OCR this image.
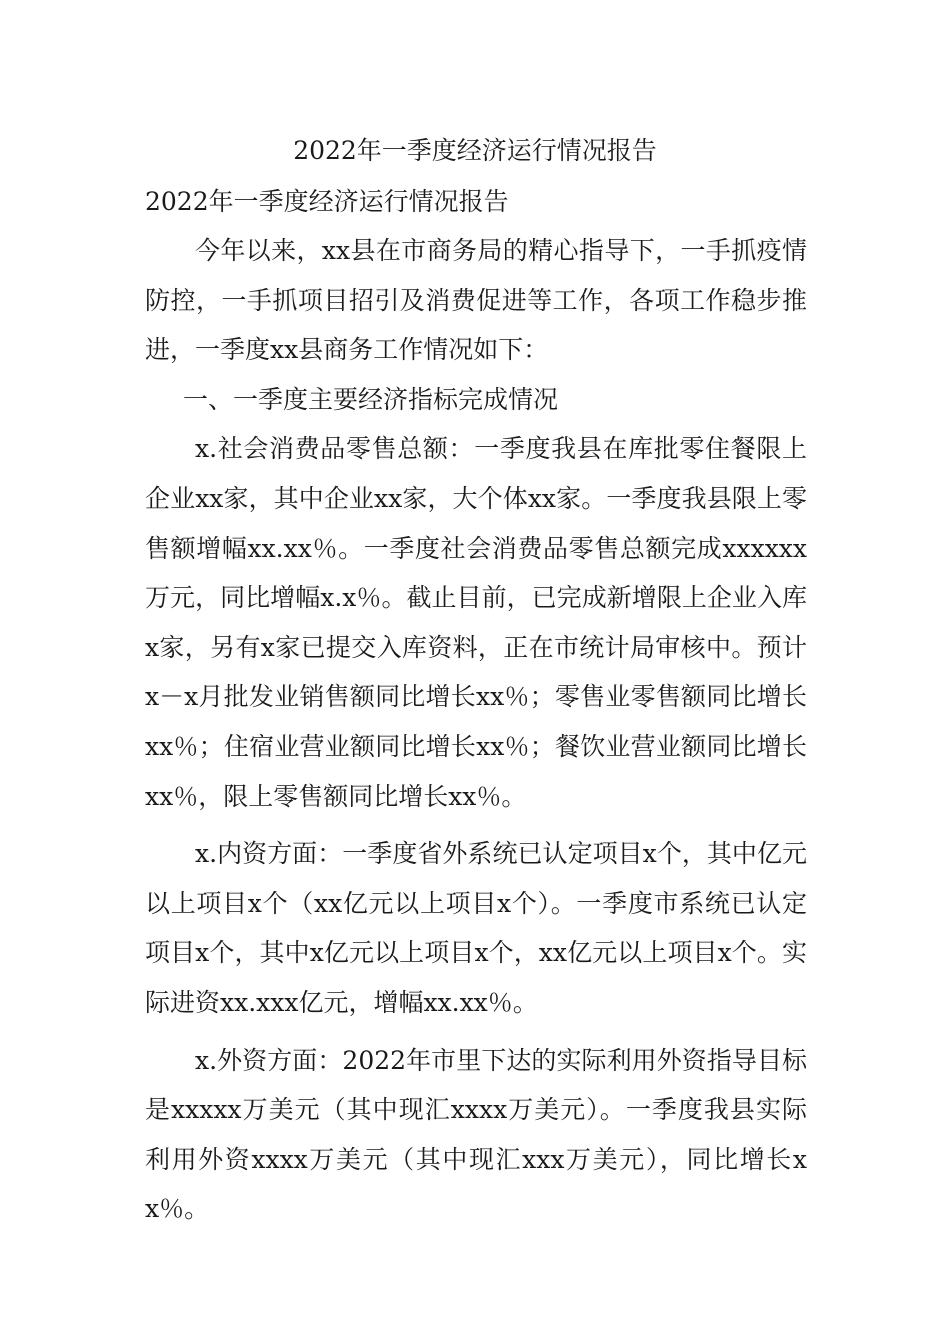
2022年一季度经济运行情况报告
2022年一季度经济运行情况报告

今年以来，xx县在市商务局的精心指导下，一手抓疫情防控，一手抓项目招引及消费促进等工作，各项工作稳步推进，一季度xx县商务工作情况如下：

一、一季度主要经济指标完成情况

x.社会消费品零售总额：一季度我县在库批零住餐限上企业xx家，其中企业xx家，大个体xx家。一季度我县限上零售额增幅xx.xx％。一季度社会消费品零售总额完成xxxxxx万元，同比增幅x.x％。截止目前，已完成新增限上企业入库x家，另有x家已提交入库资料，正在市统计局审核中。预计x－x月批发业销售额同比增长xx％；零售业零售额同比增长xx％；住宿业营业额同比增长xx％；餐饮业营业额同比增长xx％，限上零售额同比增长xx％。

x.内资方面：一季度省外系统已认定项目x个，其中亿元以上项目x个（xx亿元以上项目x个）。一季度市系统已认定项目x个，其中x亿元以上项目x个，xx亿元以上项目x个。实际进资xx.xxx亿元，增幅xx.xx％。

x.外资方面：2022年市里下达的实际利用外资指导目标是xxxxx万美元（其中现汇xxxx万美元）。一季度我县实际利用外资xxxx万美元（其中现汇xxx万美元），同比增长xx％。
